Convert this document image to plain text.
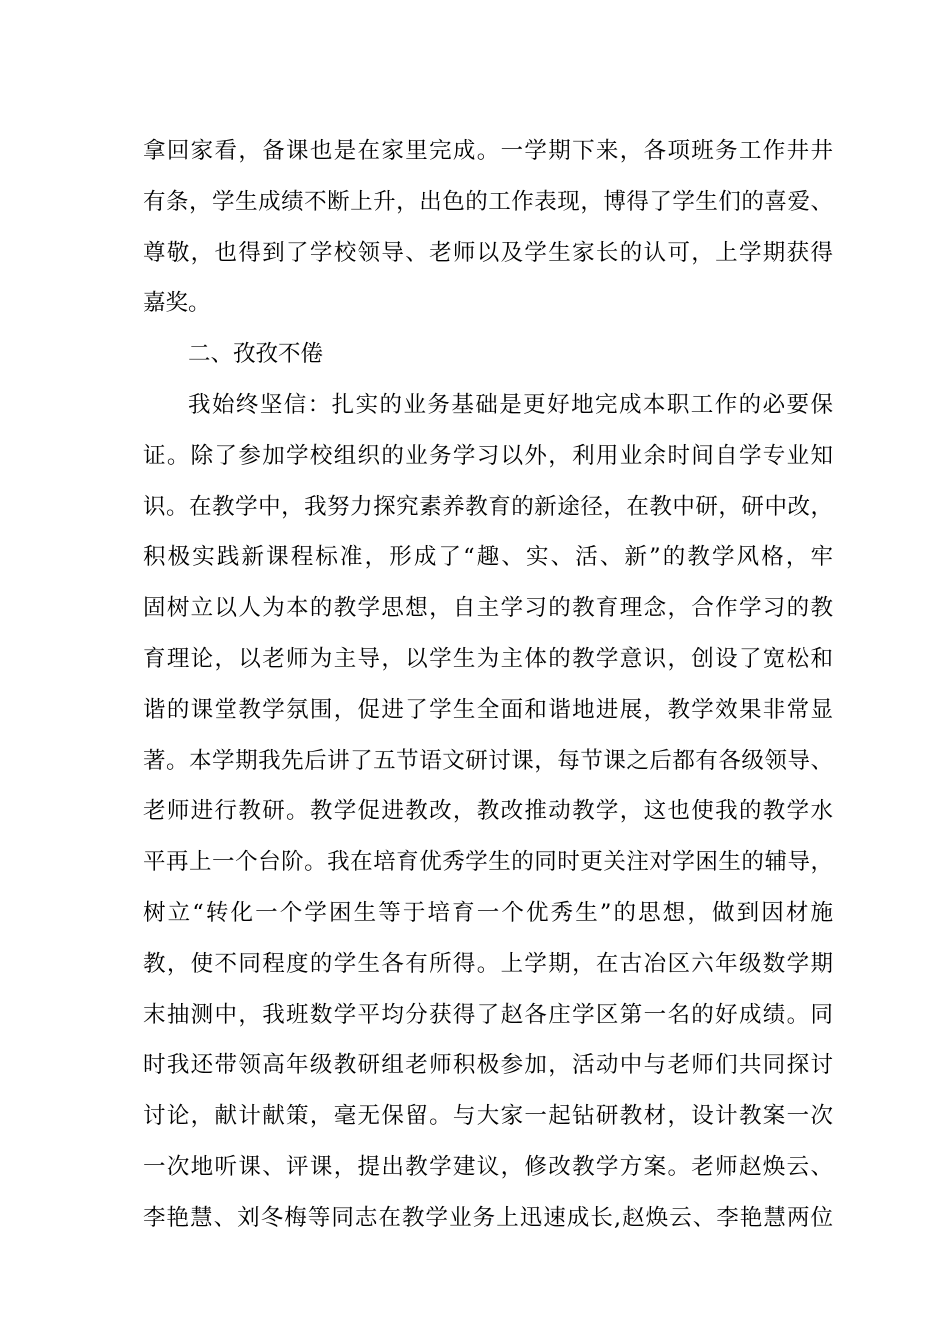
拿回家看，备课也是在家里完成。一学期下来，各项班务工作井井
有条，学生成绩不断上升，出色的工作表现，博得了学生们的喜爱、
尊敬，也得到了学校领导、老师以及学生家长的认可，上学期获得
嘉奖。
二、孜孜不倦
我始终坚信：扎实的业务基础是更好地完成本职工作的必要保
证。除了参加学校组织的业务学习以外，利用业余时间自学专业知
识。在教学中，我努力探究素养教育的新途径，在教中研，研中改，
积极实践新课程标准，形成了“趣、实、活、新”的教学风格，牢
固树立以人为本的教学思想，自主学习的教育理念，合作学习的教
育理论，以老师为主导，以学生为主体的教学意识，创设了宽松和
谐的课堂教学氛围，促进了学生全面和谐地进展，教学效果非常显
著。本学期我先后讲了五节语文研讨课，每节课之后都有各级领导、
老师进行教研。教学促进教改，教改推动教学，这也使我的教学水
平再上一个台阶。我在培育优秀学生的同时更关注对学困生的辅导，
树立“转化一个学困生等于培育一个优秀生”的思想，做到因材施
教，使不同程度的学生各有所得。上学期，在古冶区六年级数学期
末抽测中，我班数学平均分获得了赵各庄学区第一名的好成绩。同
时我还带领高年级教研组老师积极参加，活动中与老师们共同探讨
讨论，献计献策，毫无保留。与大家一起钻研教材，设计教案一次
一次地听课、评课，提出教学建议，修改教学方案。老师赵焕云、
李艳慧、刘冬梅等同志在教学业务上迅速成长,赵焕云、李艳慧两位
